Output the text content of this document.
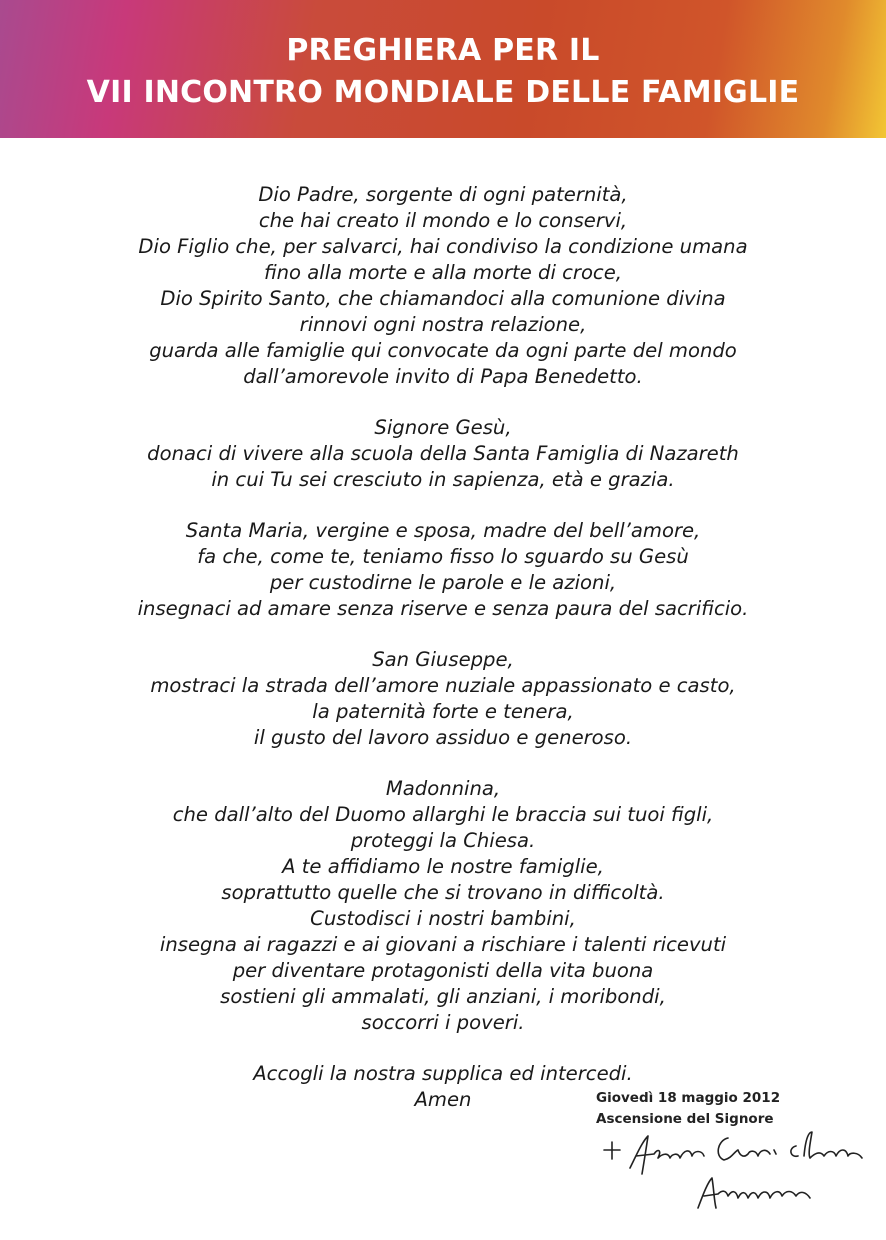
PREGHIERA PER IL
VII INCONTRO MONDIALE DELLE FAMIGLIE
Dio Padre, sorgente di ogni paternità,
che hai creato il mondo e lo conservi,
Dio Figlio che, per salvarci, hai condiviso la condizione umana
fino alla morte e alla morte di croce,
Dio Spirito Santo, che chiamandoci alla comunione divina
rinnovi ogni nostra relazione,
guarda alle famiglie qui convocate da ogni parte del mondo
dall’amorevole invito di Papa Benedetto.
Signore Gesù,
donaci di vivere alla scuola della Santa Famiglia di Nazareth
in cui Tu sei cresciuto in sapienza, età e grazia.
Santa Maria, vergine e sposa, madre del bell’amore,
fa che, come te, teniamo fisso lo sguardo su Gesù
per custodirne le parole e le azioni,
insegnaci ad amare senza riserve e senza paura del sacrificio.
San Giuseppe,
mostraci la strada dell’amore nuziale appassionato e casto,
la paternità forte e tenera,
il gusto del lavoro assiduo e generoso.
Madonnina,
che dall’alto del Duomo allarghi le braccia sui tuoi figli,
proteggi la Chiesa.
A te affidiamo le nostre famiglie,
soprattutto quelle che si trovano in difficoltà.
Custodisci i nostri bambini,
insegna ai ragazzi e ai giovani a rischiare i talenti ricevuti
per diventare protagonisti della vita buona
sostieni gli ammalati, gli anziani, i moribondi,
soccorri i poveri.
Accogli la nostra supplica ed intercedi.
Amen	Giovedì 18 maggio 2012
Ascensione del Signore
